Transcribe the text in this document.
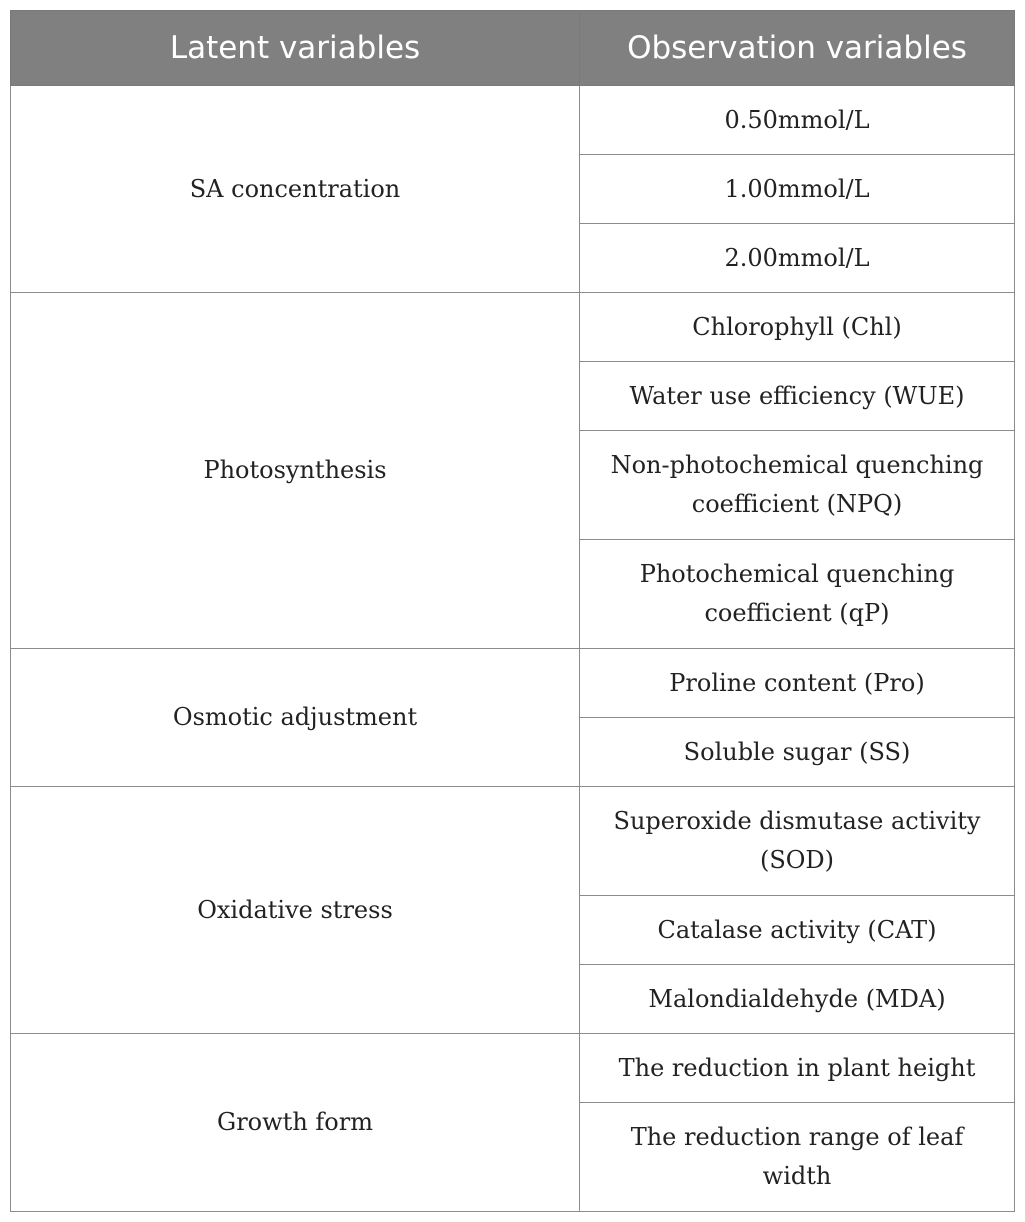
Latent variables	Observation variables
SA concentration	0.50mmol/L
	1.00mmol/L
	2.00mmol/L
Photosynthesis	Chlorophyll (Chl)
	Water use efficiency (WUE)
	Non-photochemical quenching coefficient (NPQ)
	Photochemical quenching coefficient (qP)
Osmotic adjustment	Proline content (Pro)
	Soluble sugar (SS)
Oxidative stress	Superoxide dismutase activity (SOD)
	Catalase activity (CAT)
	Malondialdehyde (MDA)
Growth form	The reduction in plant height
	The reduction range of leaf width
